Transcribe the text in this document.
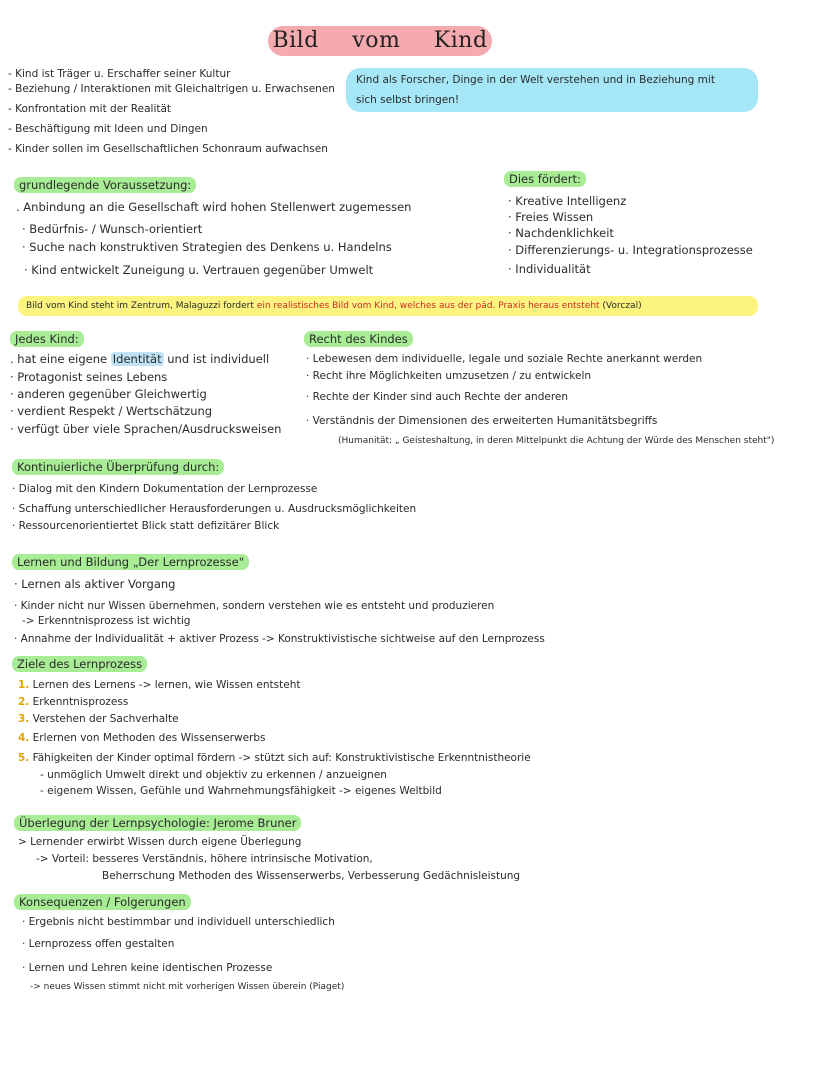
Bild vom Kind
- Kind ist Träger u. Erschaffer seiner Kultur
- Beziehung / Interaktionen mit Gleichaltrigen u. Erwachsenen
- Konfrontation mit der Realität
- Beschäftigung mit Ideen und Dingen
- Kinder sollen im Gesellschaftlichen Schonraum aufwachsen
Kind als Forscher, Dinge in der Welt verstehen und in Beziehung mit
sich selbst bringen!
grundlegende Voraussetzung:
. Anbindung an die Gesellschaft wird hohen Stellenwert zugemessen
· Bedürfnis- / Wunsch-orientiert
· Suche nach konstruktiven Strategien des Denkens u. Handelns
· Kind entwickelt Zuneigung u. Vertrauen gegenüber Umwelt
Dies fördert:
· Kreative Intelligenz
· Freies Wissen
· Nachdenklichkeit
· Differenzierungs- u. Integrationsprozesse
· Individualität
Bild vom Kind steht im Zentrum, Malaguzzi fordert ein realistisches Bild vom Kind, welches aus der päd. Praxis heraus entsteht (Vorczal)
Jedes Kind:
. hat eine eigene Identität und ist individuell
· Protagonist seines Lebens
· anderen gegenüber Gleichwertig
· verdient Respekt / Wertschätzung
· verfügt über viele Sprachen/Ausdrucksweisen
Recht des Kindes
· Lebewesen dem individuelle, legale und soziale Rechte anerkannt werden
· Recht ihre Möglichkeiten umzusetzen / zu entwickeln
· Rechte der Kinder sind auch Rechte der anderen
· Verständnis der Dimensionen des erweiterten Humanitätsbegriffs
(Humanität: „ Geisteshaltung, in deren Mittelpunkt die Achtung der Würde des Menschen steht")
Kontinuierliche Überprüfung durch:
· Dialog mit den Kindern Dokumentation der Lernprozesse
· Schaffung unterschiedlicher Herausforderungen u. Ausdrucksmöglichkeiten
· Ressourcenorientiertet Blick statt defizitärer Blick
Lernen und Bildung „Der Lernprozesse"
· Lernen als aktiver Vorgang
· Kinder nicht nur Wissen übernehmen, sondern verstehen wie es entsteht und produzieren
-> Erkenntnisprozess ist wichtig
· Annahme der Individualität + aktiver Prozess -> Konstruktivistische sichtweise auf den Lernprozess
Ziele des Lernprozess
1. Lernen des Lernens -> lernen, wie Wissen entsteht
2. Erkenntnisprozess
3. Verstehen der Sachverhalte
4. Erlernen von Methoden des Wissenserwerbs
5. Fähigkeiten der Kinder optimal fördern -> stützt sich auf: Konstruktivistische Erkenntnistheorie
- unmöglich Umwelt direkt und objektiv zu erkennen / anzueignen
- eigenem Wissen, Gefühle und Wahrnehmungsfähigkeit -> eigenes Weltbild
Überlegung der Lernpsychologie: Jerome Bruner
> Lernender erwirbt Wissen durch eigene Überlegung
-> Vorteil: besseres Verständnis, höhere intrinsische Motivation,
Beherrschung Methoden des Wissenserwerbs, Verbesserung Gedächnisleistung
Konsequenzen / Folgerungen
· Ergebnis nicht bestimmbar und individuell unterschiedlich
· Lernprozess offen gestalten
· Lernen und Lehren keine identischen Prozesse
-> neues Wissen stimmt nicht mit vorherigen Wissen überein (Piaget)
